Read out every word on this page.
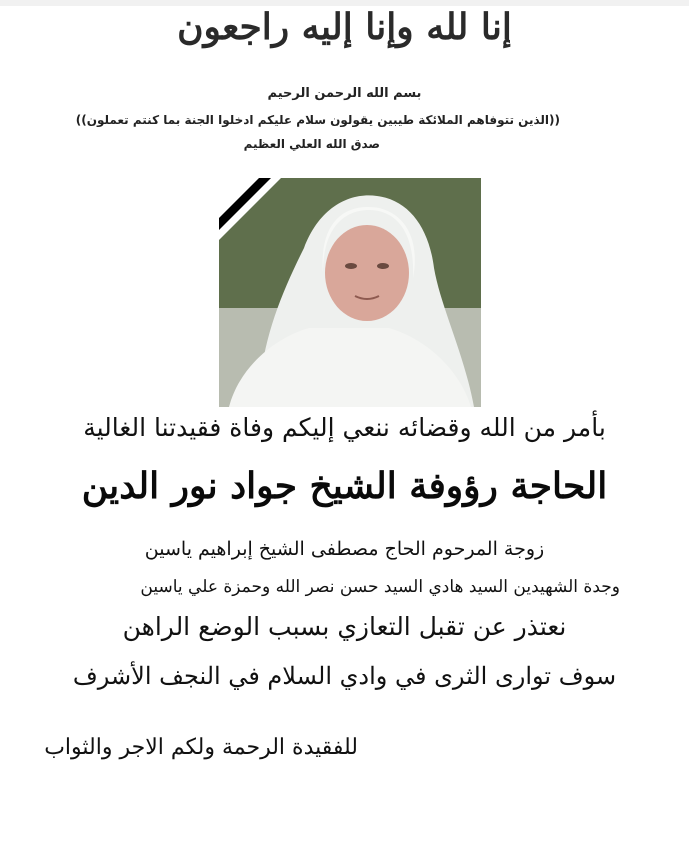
إنا لله وإنا إليه راجعون
بسم الله الرحمن الرحيم
((الذين تتوفاهم الملائكة طيبين يقولون سلام عليكم ادخلوا الجنة بما كنتم تعملون))
صدق الله العلي العظيم
بأمر من الله وقضائه ننعي إليكم وفاة فقيدتنا الغالية
الحاجة رؤوفة الشيخ جواد نور الدين
زوجة المرحوم الحاج مصطفى الشيخ إبراهيم ياسين
وجدة الشهيدين السيد هادي السيد حسن نصر الله وحمزة علي ياسين
نعتذر عن تقبل التعازي بسبب الوضع الراهن
سوف توارى الثرى في وادي السلام في النجف الأشرف
للفقيدة الرحمة ولكم الاجر والثواب
